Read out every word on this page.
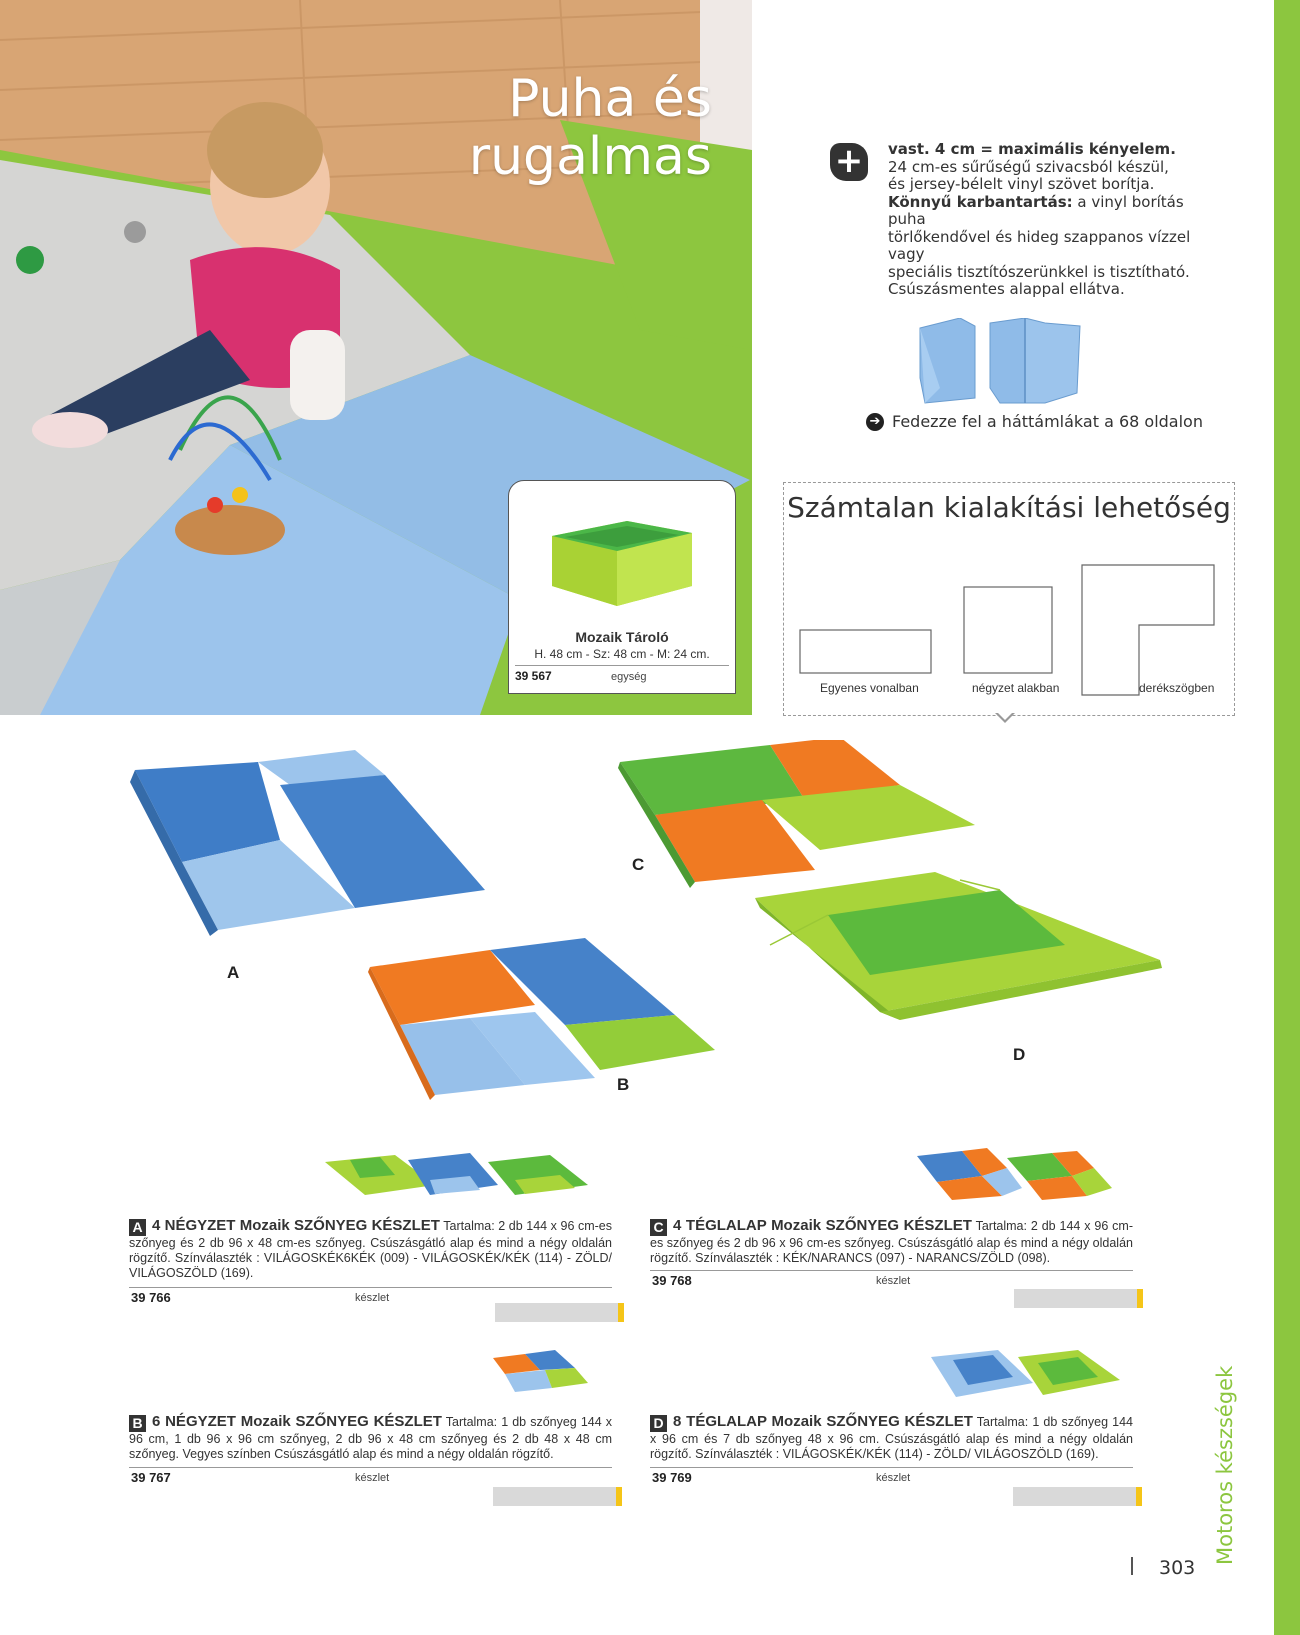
Puha és
rugalmas
Motoros készségek
+	vast. 4 cm = maximális kényelem.
24 cm-es sűrűségű szivacsból készül,
és jersey-bélelt vinyl szövet borítja.
Könnyű karbantartás: a vinyl borítás puha
törlőkendővel és hideg szappanos vízzel vagy
speciális tisztítószerünkkel is tisztítható.
Csúszásmentes alappal ellátva.
➔ Fedezze fel a háttámlákat a 68 oldalon
Mozaik Tároló
H. 48 cm - Sz: 48 cm - M: 24 cm.
39 567	egység
Számtalan kialakítási lehetőség
Egyenes vonalban	négyzet alakban	derékszögben
A
B
C
D
A 4 NÉGYZET Mozaik SZŐNYEG KÉSZLET Tartalma: 2 db 144 x 96 cm-es szőnyeg és 2 db 96 x 48 cm-es szőnyeg. Csúszásgátló alap és mind a négy oldalán rögzítő. Színválaszték : VILÁGOSKÉK6KÉK (009) - VILÁGOSKÉK/KÉK (114) - ZÖLD/ VILÁGOSZÖLD (169).
39 766	készlet
C 4 TÉGLALAP Mozaik SZŐNYEG KÉSZLET Tartalma: 2 db 144 x 96 cm-es szőnyeg és 2 db 96 x 96 cm-es szőnyeg. Csúszásgátló alap és mind a négy oldalán rögzítő. Színválaszték : KÉK/NARANCS (097) - NARANCS/ZÖLD (098).
39 768	készlet
B 6 NÉGYZET Mozaik SZŐNYEG KÉSZLET Tartalma: 1 db szőnyeg 144 x 96 cm, 1 db 96 x 96 cm szőnyeg, 2 db 96 x 48 cm szőnyeg és 2 db 48 x 48 cm szőnyeg. Vegyes színben Csúszásgátló alap és mind a négy oldalán rögzítő.
39 767	készlet
D 8 TÉGLALAP Mozaik SZŐNYEG KÉSZLET Tartalma: 1 db szőnyeg 144 x 96 cm és 7 db szőnyeg 48 x 96 cm. Csúszásgátló alap és mind a négy oldalán rögzítő. Színválaszték : VILÁGOSKÉK/KÉK (114) - ZÖLD/ VILÁGOSZÖLD (169).
39 769	készlet
303
